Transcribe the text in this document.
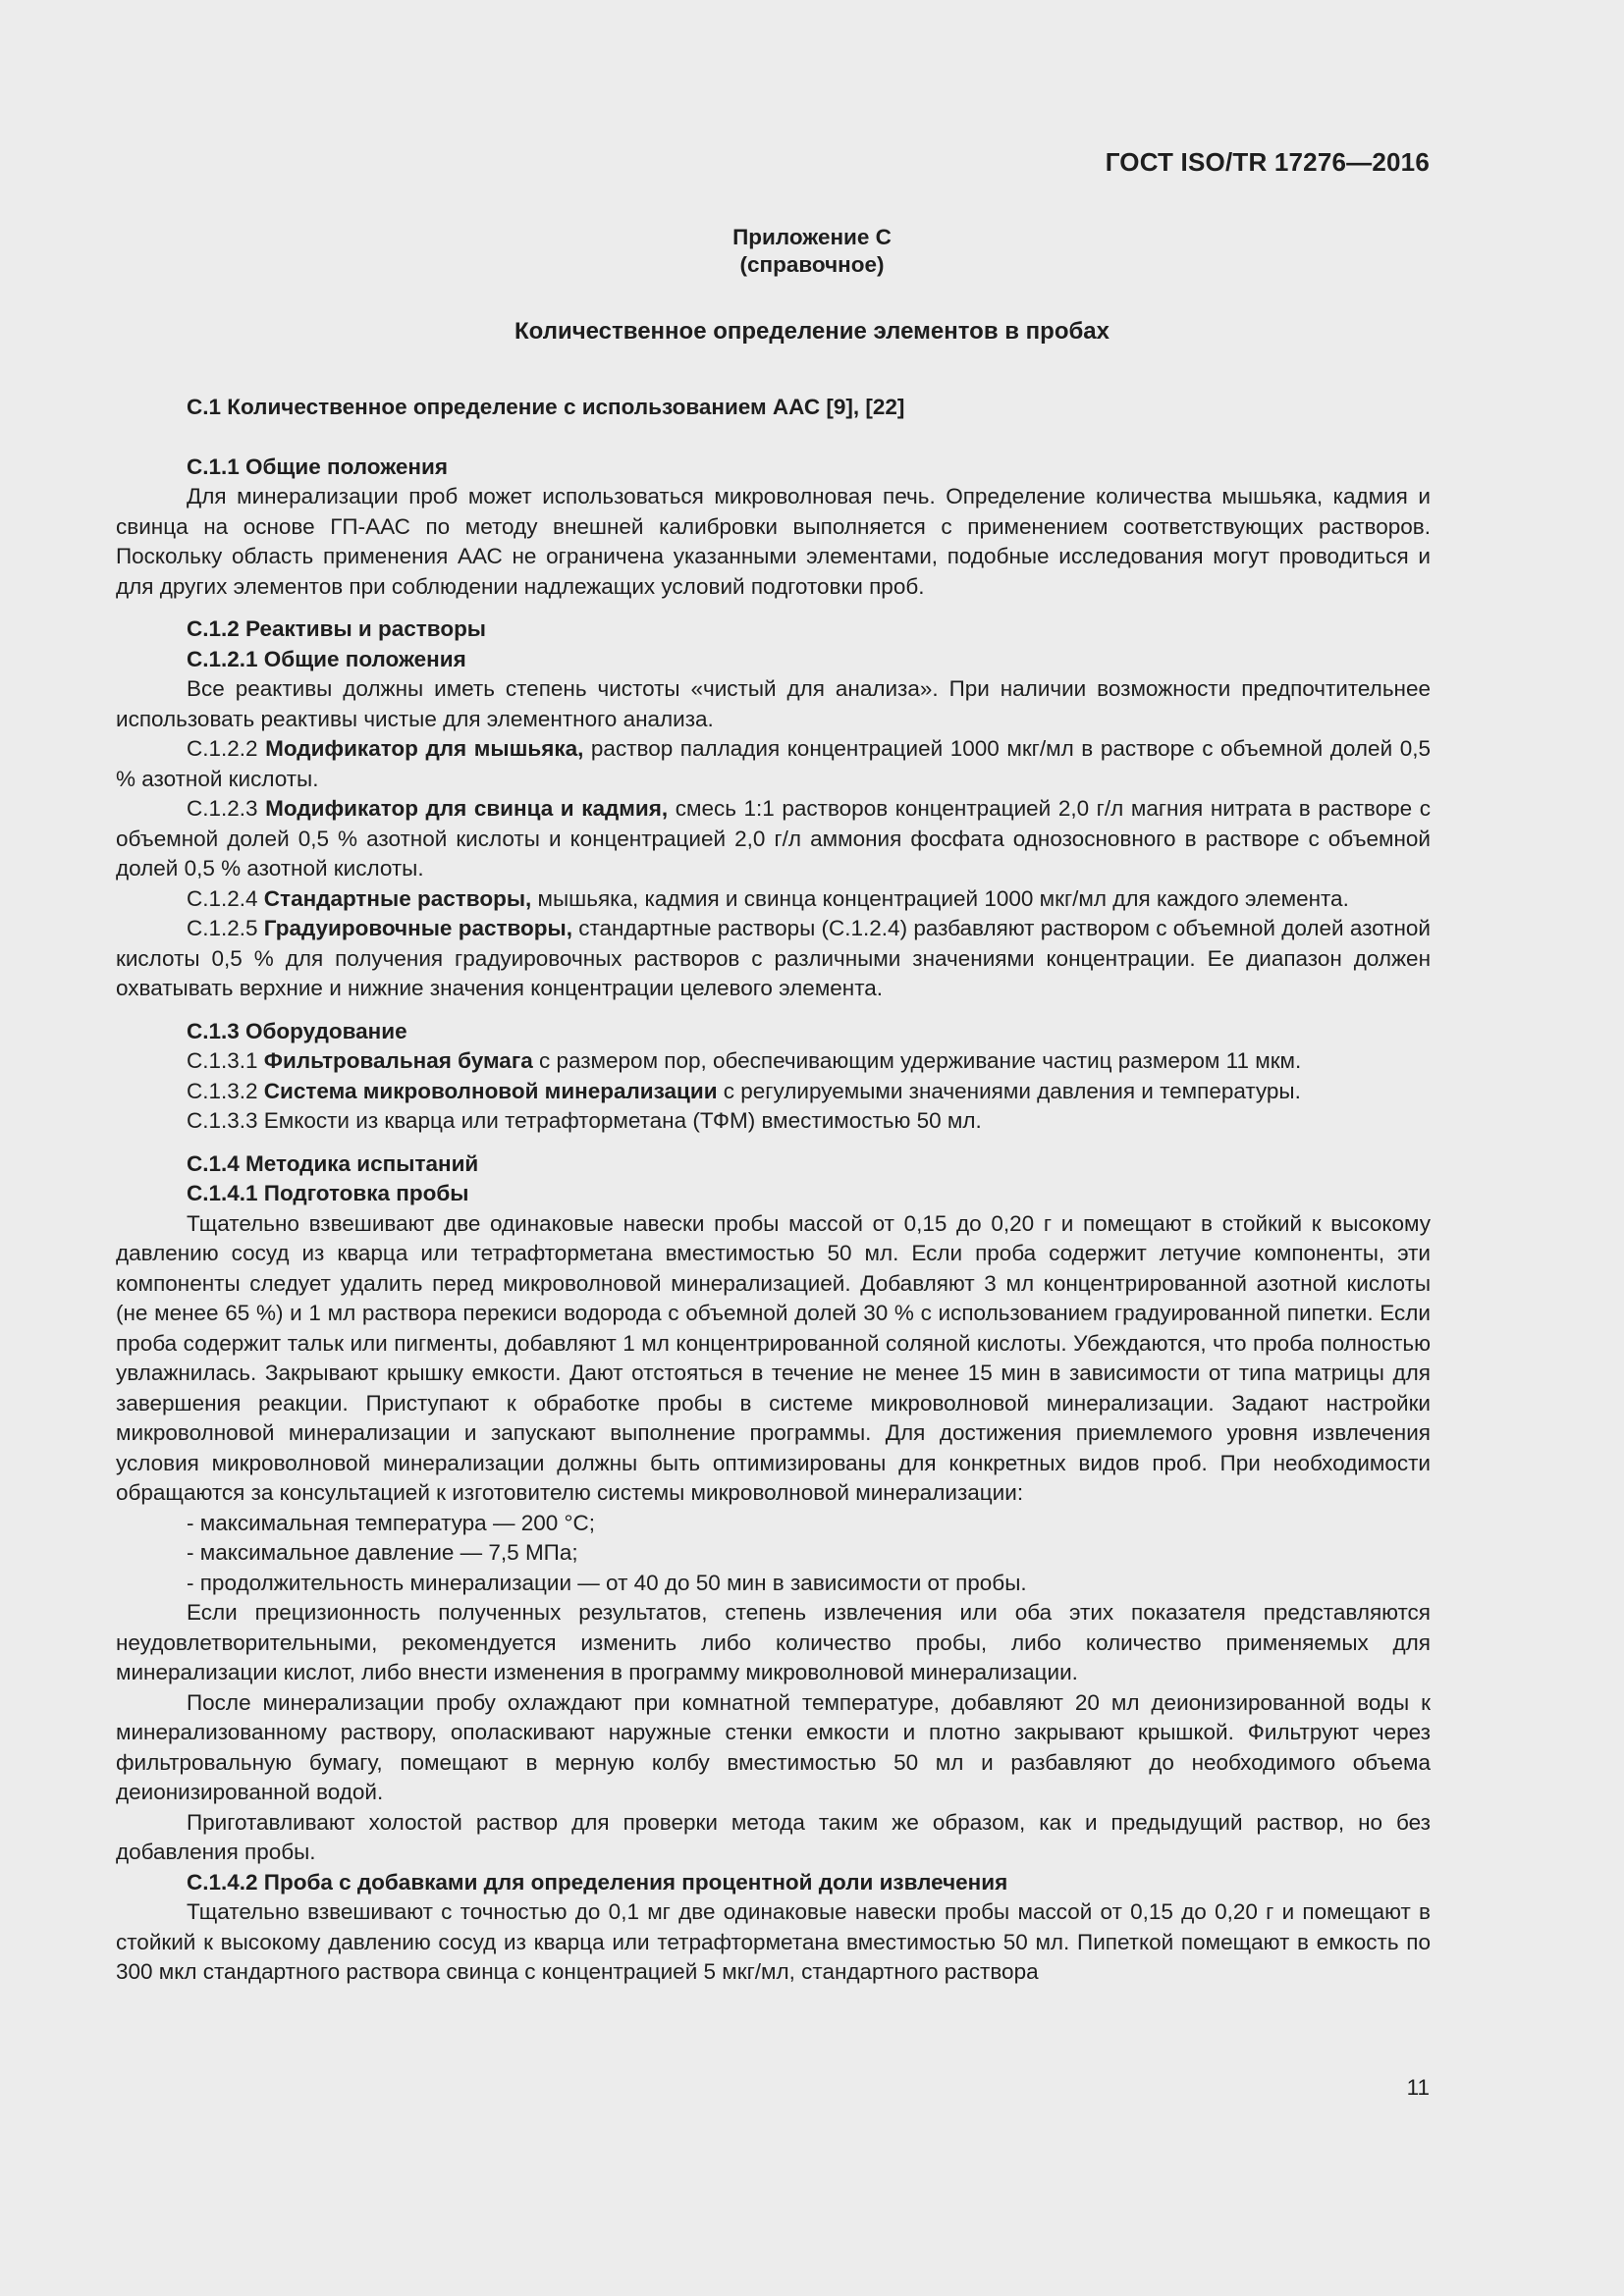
ГОСТ ISO/TR 17276—2016
Приложение С
(справочное)
Количественное определение элементов в пробах

С.1 Количественное определение с использованием ААС [9], [22]

С.1.1 Общие положения

Для минерализации проб может использоваться микроволновая печь. Определение количества мышьяка, кадмия и свинца на основе ГП-ААС по методу внешней калибровки выполняется с применением соответствующих растворов. Поскольку область применения ААС не ограничена указанными элементами, подобные исследования могут проводиться и для других элементов при соблюдении надлежащих условий подготовки проб.

С.1.2 Реактивы и растворы

С.1.2.1 Общие положения

Все реактивы должны иметь степень чистоты «чистый для анализа». При наличии возможности предпочтительнее использовать реактивы чистые для элементного анализа.

С.1.2.2 Модификатор для мышьяка, раствор палладия концентрацией 1000 мкг/мл в растворе с объемной долей 0,5 % азотной кислоты.

С.1.2.3 Модификатор для свинца и кадмия, смесь 1:1 растворов концентрацией 2,0 г/л магния нитрата в растворе с объемной долей 0,5 % азотной кислоты и концентрацией 2,0 г/л аммония фосфата однозосновного в растворе с объемной долей 0,5 % азотной кислоты.

С.1.2.4 Стандартные растворы, мышьяка, кадмия и свинца концентрацией 1000 мкг/мл для каждого элемента.

С.1.2.5 Градуировочные растворы, стандартные растворы (С.1.2.4) разбавляют раствором с объемной долей азотной кислоты 0,5 % для получения градуировочных растворов с различными значениями концентрации. Ее диапазон должен охватывать верхние и нижние значения концентрации целевого элемента.

С.1.3 Оборудование

С.1.3.1 Фильтровальная бумага с размером пор, обеспечивающим удерживание частиц размером 11 мкм.

С.1.3.2 Система микроволновой минерализации с регулируемыми значениями давления и температуры.

С.1.3.3 Емкости из кварца или тетрафторметана (ТФМ) вместимостью 50 мл.

С.1.4 Методика испытаний

С.1.4.1 Подготовка пробы

Тщательно взвешивают две одинаковые навески пробы массой от 0,15 до 0,20 г и помещают в стойкий к высокому давлению сосуд из кварца или тетрафторметана вместимостью 50 мл. Если проба содержит летучие компоненты, эти компоненты следует удалить перед микроволновой минерализацией. Добавляют 3 мл концентрированной азотной кислоты (не менее 65 %) и 1 мл раствора перекиси водорода с объемной долей 30 % с использованием градуированной пипетки. Если проба содержит тальк или пигменты, добавляют 1 мл концентрированной соляной кислоты. Убеждаются, что проба полностью увлажнилась. Закрывают крышку емкости. Дают отстояться в течение не менее 15 мин в зависимости от типа матрицы для завершения реакции. Приступают к обработке пробы в системе микроволновой минерализации. Задают настройки микроволновой минерализации и запускают выполнение программы. Для достижения приемлемого уровня извлечения условия микроволновой минерализации должны быть оптимизированы для конкретных видов проб. При необходимости обращаются за консультацией к изготовителю системы микроволновой минерализации:

- максимальная температура — 200 °С;

- максимальное давление — 7,5 МПа;

- продолжительность минерализации — от 40 до 50 мин в зависимости от пробы.

Если прецизионность полученных результатов, степень извлечения или оба этих показателя представляются неудовлетворительными, рекомендуется изменить либо количество пробы, либо количество применяемых для минерализации кислот, либо внести изменения в программу микроволновой минерализации.

После минерализации пробу охлаждают при комнатной температуре, добавляют 20 мл деионизированной воды к минерализованному раствору, ополаскивают наружные стенки емкости и плотно закрывают крышкой. Фильтруют через фильтровальную бумагу, помещают в мерную колбу вместимостью 50 мл и разбавляют до необходимого объема деионизированной водой.

Приготавливают холостой раствор для проверки метода таким же образом, как и предыдущий раствор, но без добавления пробы.

С.1.4.2 Проба с добавками для определения процентной доли извлечения

Тщательно взвешивают с точностью до 0,1 мг две одинаковые навески пробы массой от 0,15 до 0,20 г и помещают в стойкий к высокому давлению сосуд из кварца или тетрафторметана вместимостью 50 мл. Пипеткой помещают в емкость по 300 мкл стандартного раствора свинца с концентрацией 5 мкг/мл, стандартного раствора

11
